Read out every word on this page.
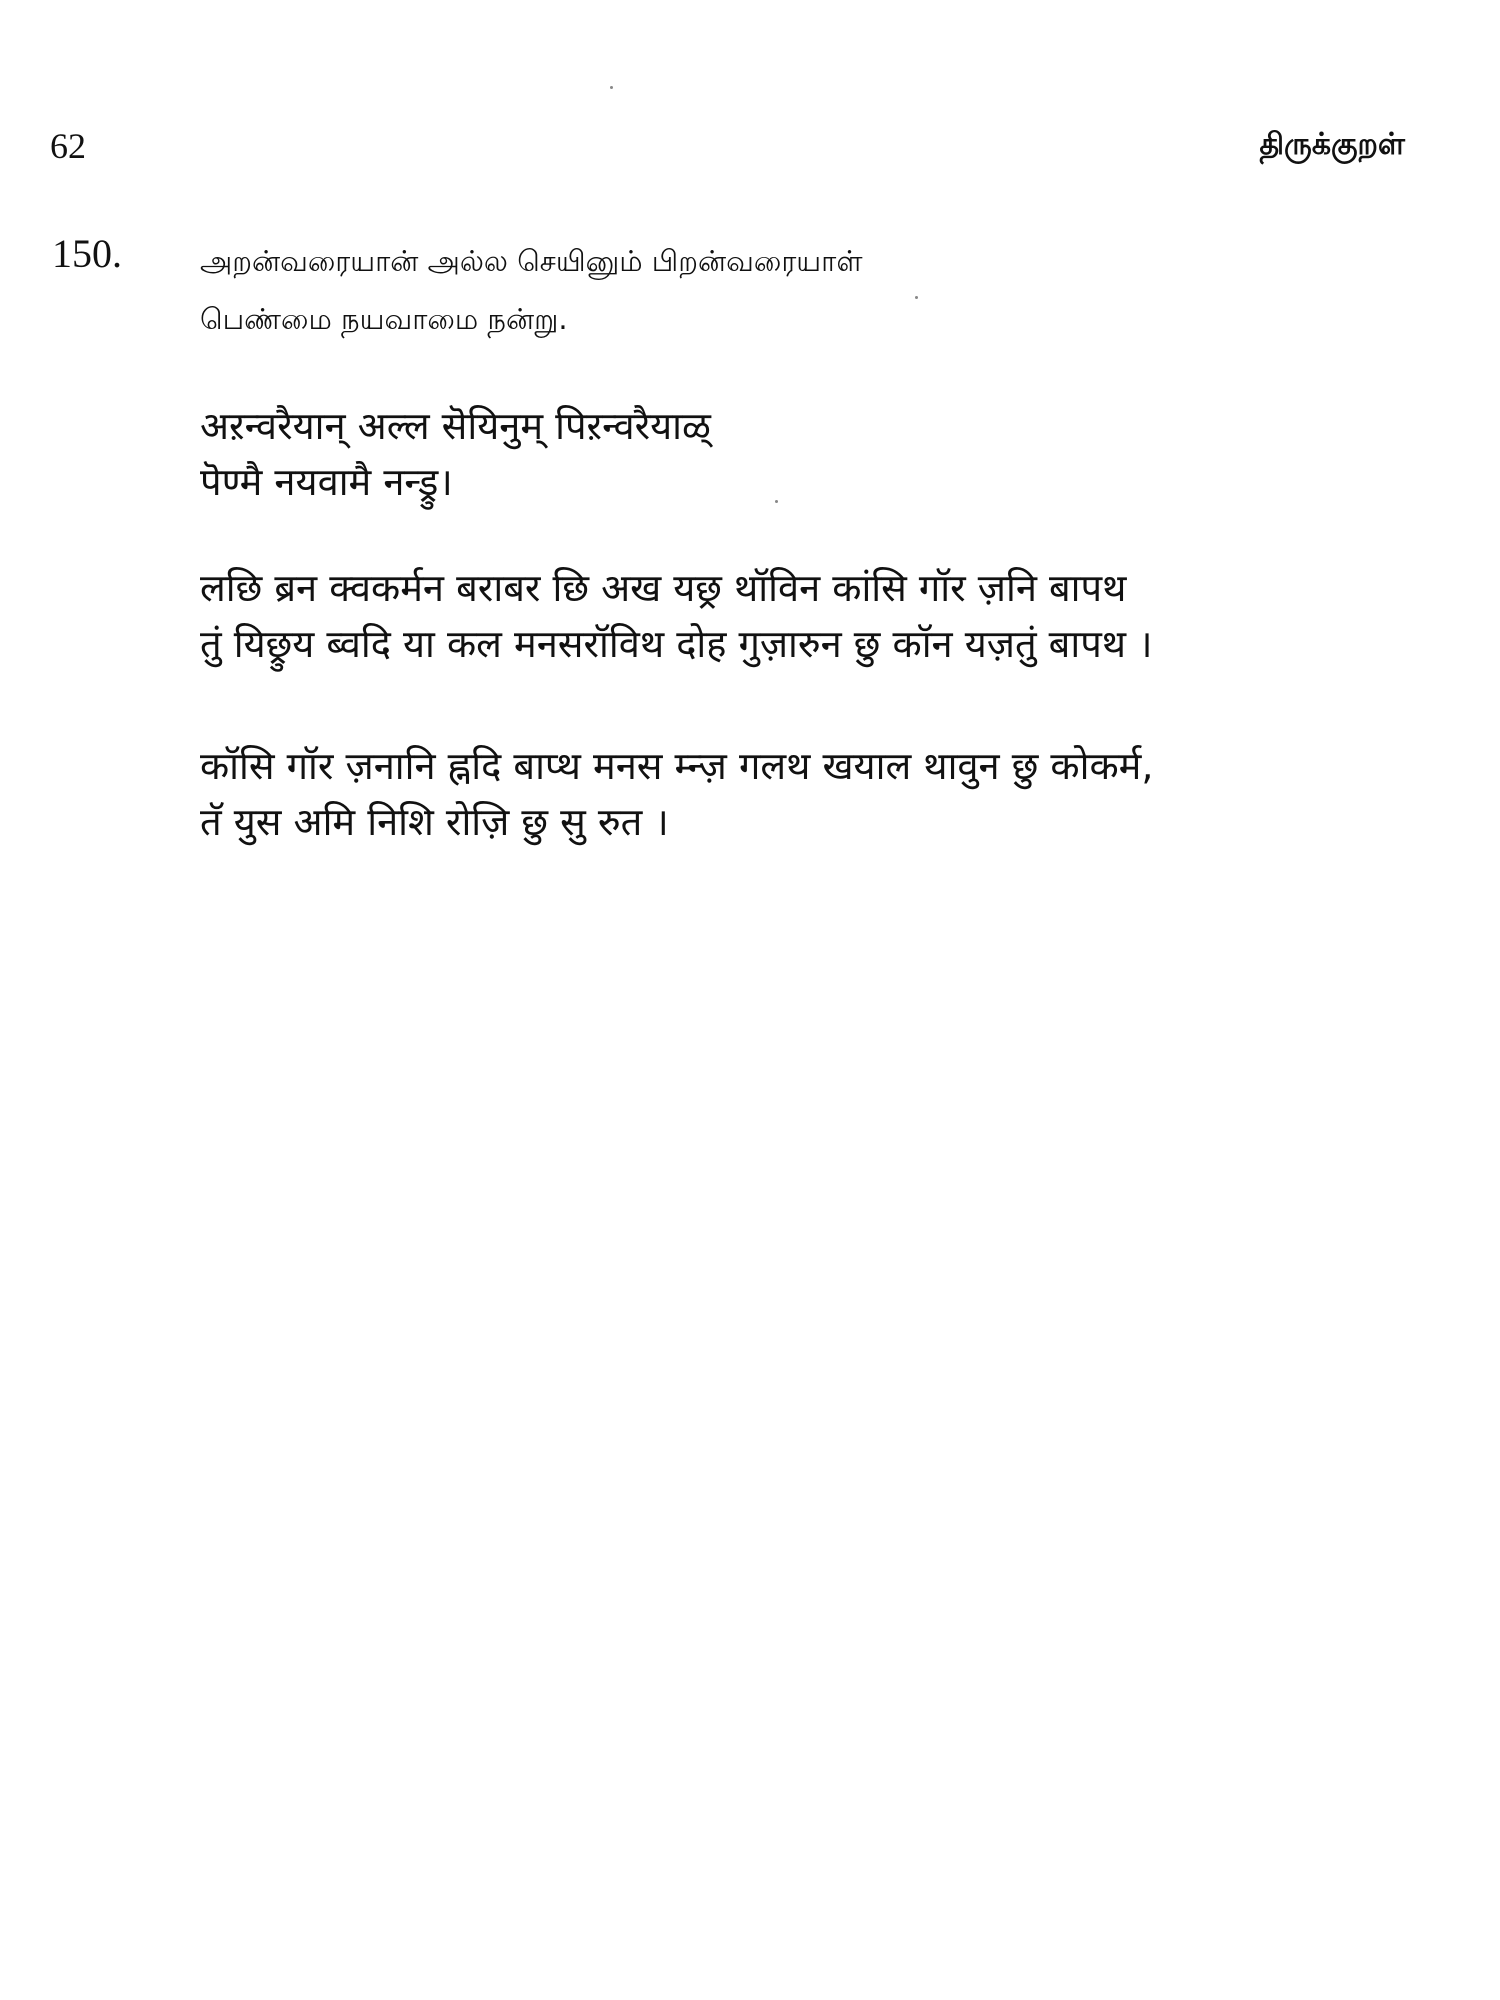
62	திருக்குறள்
150.	அறன்வரையான் அல்ல செயினும் பிறன்வரையாள்
பெண்மை நயவாமை நன்று.
अऱन्वरैयान् अल्ल सॆयिनुम् पिऱन्वरैयाळ्
पॆण्मै नयवामै नन्ड्रु।
लछि ब्रन क्वकर्मन बराबर छि अख यछ्र थॉविन कांसि गॉर ज़नि बापथ
तुं यिछ्रुय ब्वदि या कल मनसरॉविथ दोह गुज़ारुन छु कॉन यज़तुं बापथ ।
कॉसि गॉर ज़नानि ह्नदि बाप्थ मनस म्न्ज़ गलथ खयाल थावुन छु कोकर्म,
तॅ युस अमि निशि रोज़ि छु सु रुत ।
